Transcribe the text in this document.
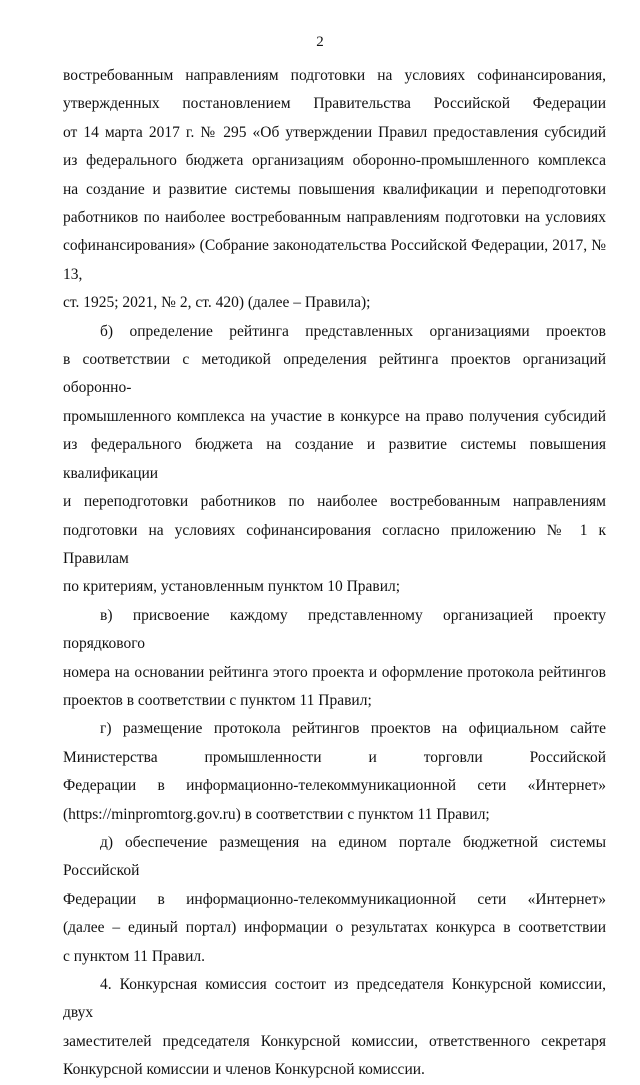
2
востребованным направлениям подготовки на условиях софинансирования,
утвержденных постановлением Правительства Российской Федерации
от 14 марта 2017 г. № 295 «Об утверждении Правил предоставления субсидий
из федерального бюджета организациям оборонно-промышленного комплекса
на создание и развитие системы повышения квалификации и переподготовки
работников по наиболее востребованным направлениям подготовки на условиях
софинансирования» (Собрание законодательства Российской Федерации, 2017, № 13,
ст. 1925; 2021, № 2, ст. 420) (далее – Правила);
б) определение рейтинга представленных организациями проектов
в соответствии с методикой определения рейтинга проектов организаций оборонно-
промышленного комплекса на участие в конкурсе на право получения субсидий
из федерального бюджета на создание и развитие системы повышения квалификации
и переподготовки работников по наиболее востребованным направлениям
подготовки на условиях софинансирования согласно приложению № 1 к Правилам
по критериям, установленным пунктом 10 Правил;
в) присвоение каждому представленному организацией проекту порядкового
номера на основании рейтинга этого проекта и оформление протокола рейтингов
проектов в соответствии с пунктом 11 Правил;
г) размещение протокола рейтингов проектов на официальном сайте
Министерства промышленности и торговли Российской
Федерации в информационно-телекоммуникационной сети «Интернет»
(https://minpromtorg.gov.ru) в соответствии с пунктом 11 Правил;
д) обеспечение размещения на едином портале бюджетной системы Российской
Федерации в информационно-телекоммуникационной сети «Интернет»
(далее – единый портал) информации о результатах конкурса в соответствии
с пунктом 11 Правил.
4. Конкурсная комиссия состоит из председателя Конкурсной комиссии, двух
заместителей председателя Конкурсной комиссии, ответственного секретаря
Конкурсной комиссии и членов Конкурсной комиссии.
